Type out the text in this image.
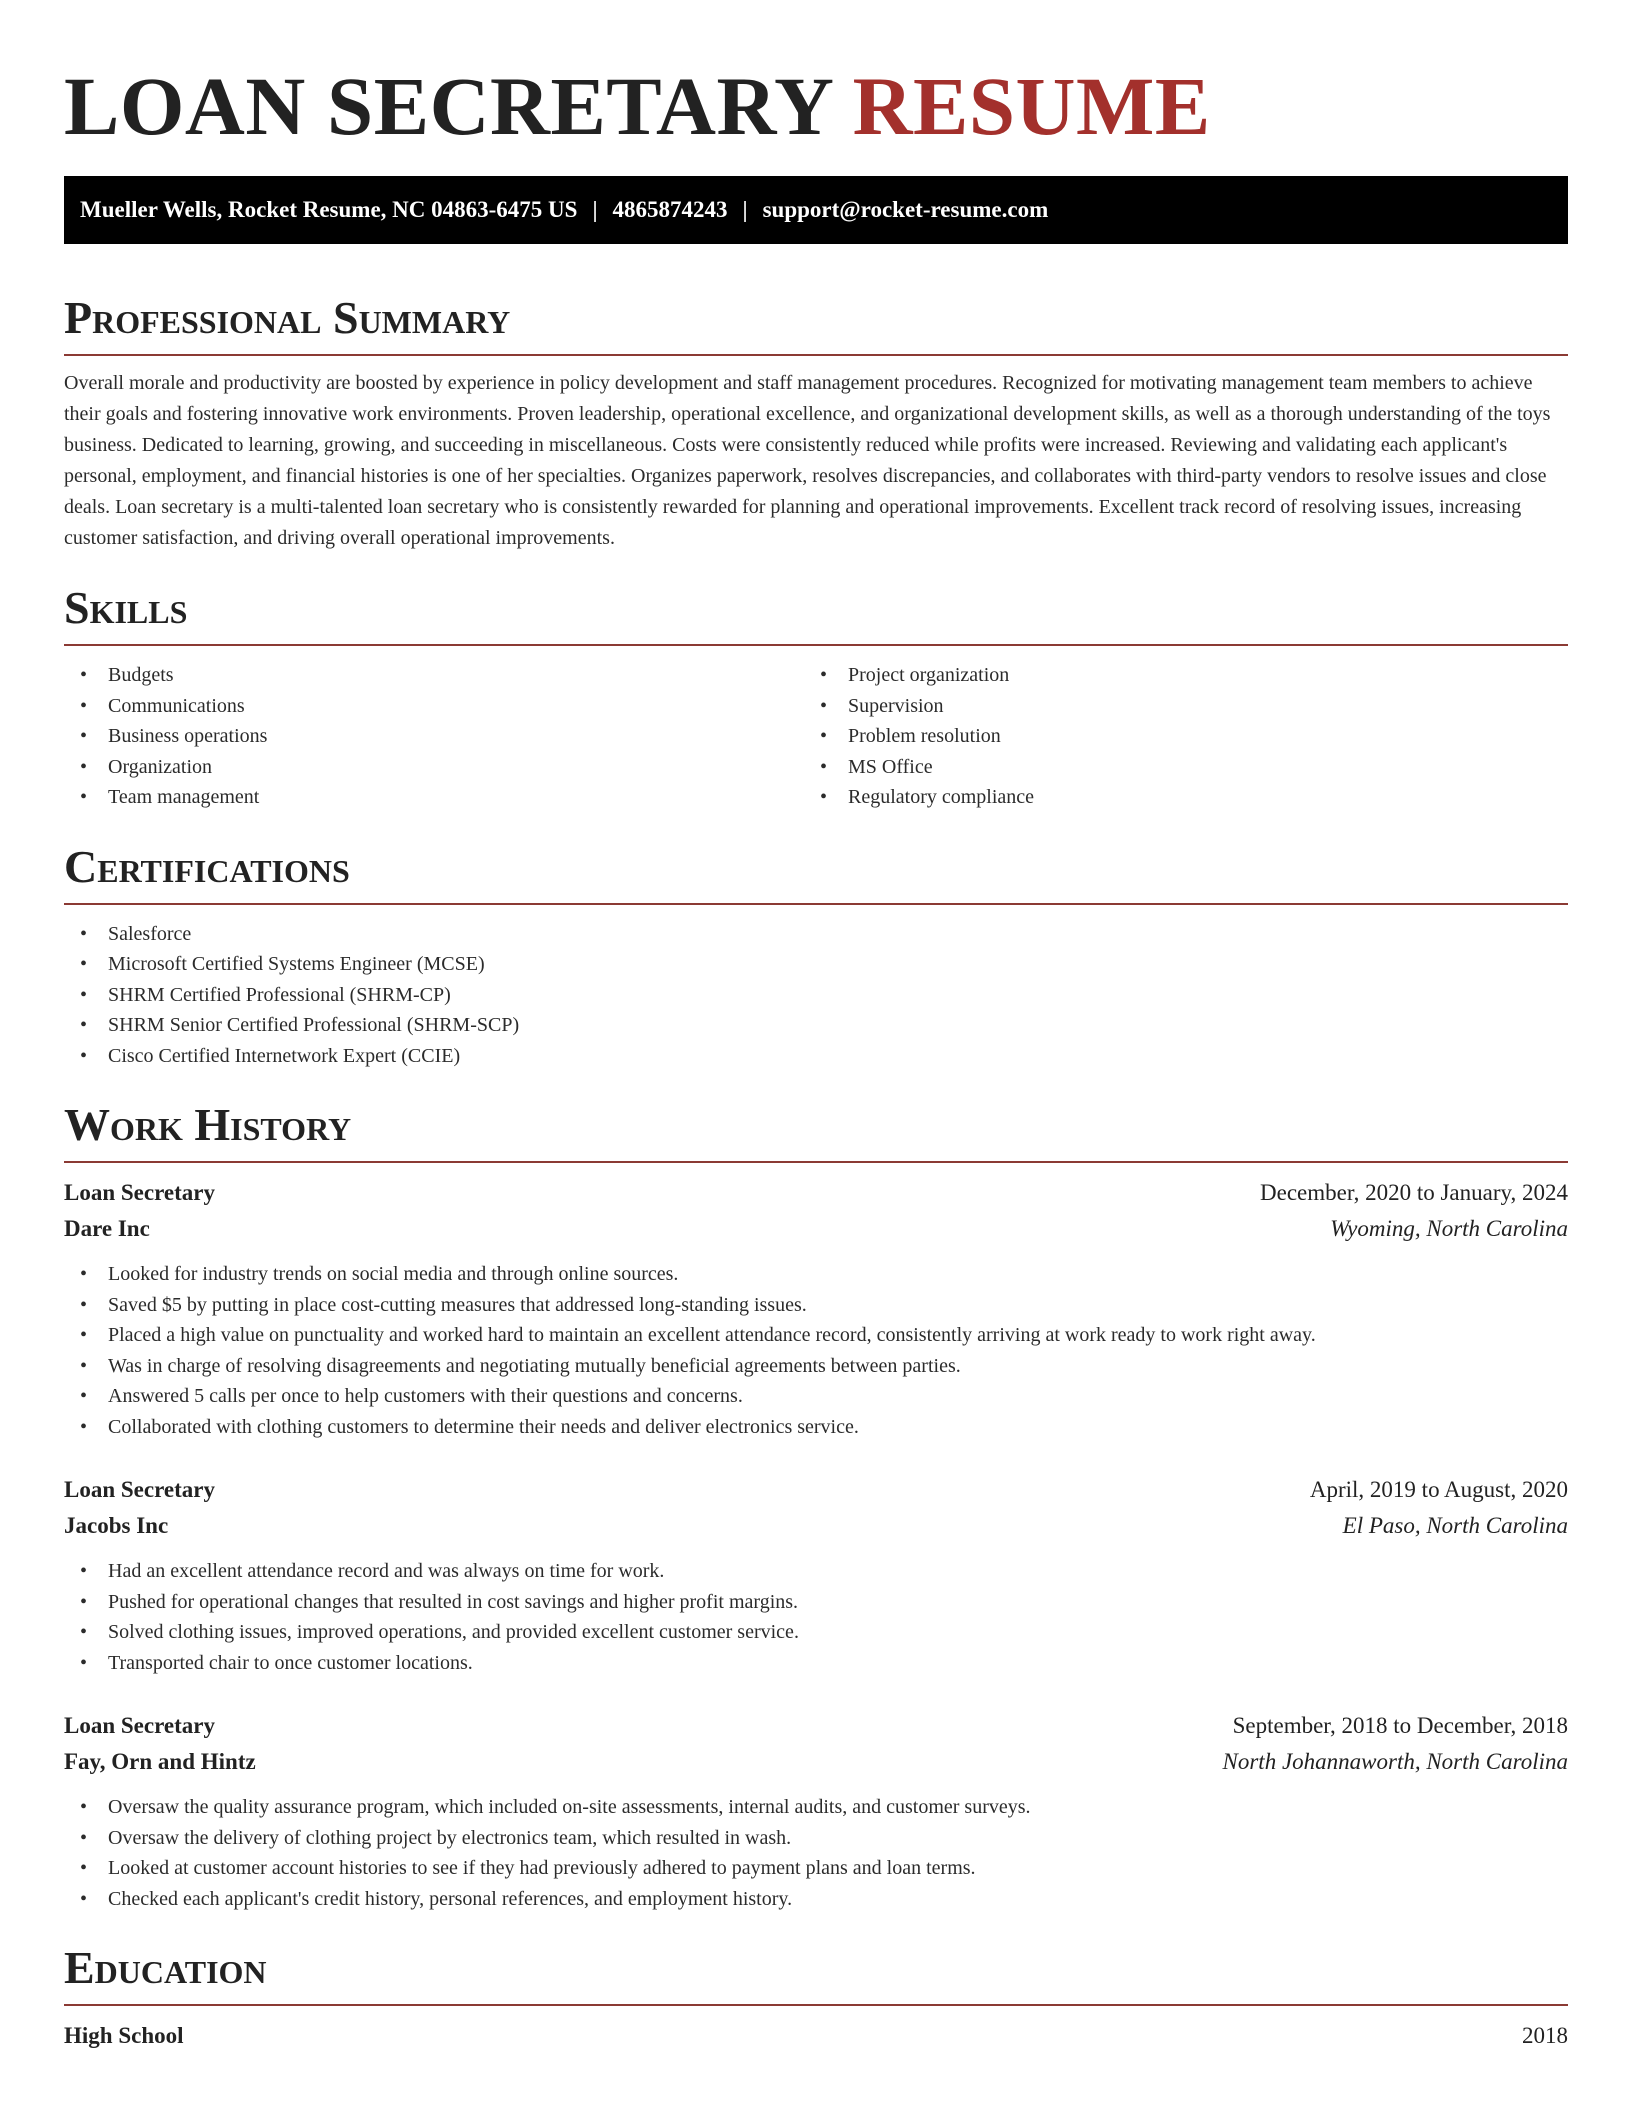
LOAN SECRETARY RESUME
Mueller Wells, Rocket Resume, NC 04863-6475 US | 4865874243 | support@rocket-resume.com
Professional Summary

Overall morale and productivity are boosted by experience in policy development and staff management procedures. Recognized for motivating management team members to achieve their goals and fostering innovative work environments. Proven leadership, operational excellence, and organizational development skills, as well as a thorough understanding of the toys business. Dedicated to learning, growing, and succeeding in miscellaneous. Costs were consistently reduced while profits were increased. Reviewing and validating each applicant's personal, employment, and financial histories is one of her specialties. Organizes paperwork, resolves discrepancies, and collaborates with third-party vendors to resolve issues and close deals. Loan secretary is a multi-talented loan secretary who is consistently rewarded for planning and operational improvements. Excellent track record of resolving issues, increasing customer satisfaction, and driving overall operational improvements.

Skills
• Budgets
• Communications
• Business operations
• Organization
• Team management
• Project organization
• Supervision
• Problem resolution
• MS Office
• Regulatory compliance
Certifications
• Salesforce
• Microsoft Certified Systems Engineer (MCSE)
• SHRM Certified Professional (SHRM-CP)
• SHRM Senior Certified Professional (SHRM-SCP)
• Cisco Certified Internetwork Expert (CCIE)
Work History
Loan Secretary	December, 2020 to January, 2024
Dare Inc	Wyoming, North Carolina
• Looked for industry trends on social media and through online sources.
• Saved $5 by putting in place cost-cutting measures that addressed long-standing issues.
• Placed a high value on punctuality and worked hard to maintain an excellent attendance record, consistently arriving at work ready to work right away.
• Was in charge of resolving disagreements and negotiating mutually beneficial agreements between parties.
• Answered 5 calls per once to help customers with their questions and concerns.
• Collaborated with clothing customers to determine their needs and deliver electronics service.
Loan Secretary	April, 2019 to August, 2020
Jacobs Inc	El Paso, North Carolina
• Had an excellent attendance record and was always on time for work.
• Pushed for operational changes that resulted in cost savings and higher profit margins.
• Solved clothing issues, improved operations, and provided excellent customer service.
• Transported chair to once customer locations.
Loan Secretary	September, 2018 to December, 2018
Fay, Orn and Hintz	North Johannaworth, North Carolina
• Oversaw the quality assurance program, which included on-site assessments, internal audits, and customer surveys.
• Oversaw the delivery of clothing project by electronics team, which resulted in wash.
• Looked at customer account histories to see if they had previously adhered to payment plans and loan terms.
• Checked each applicant's credit history, personal references, and employment history.
Education
High School	2018
